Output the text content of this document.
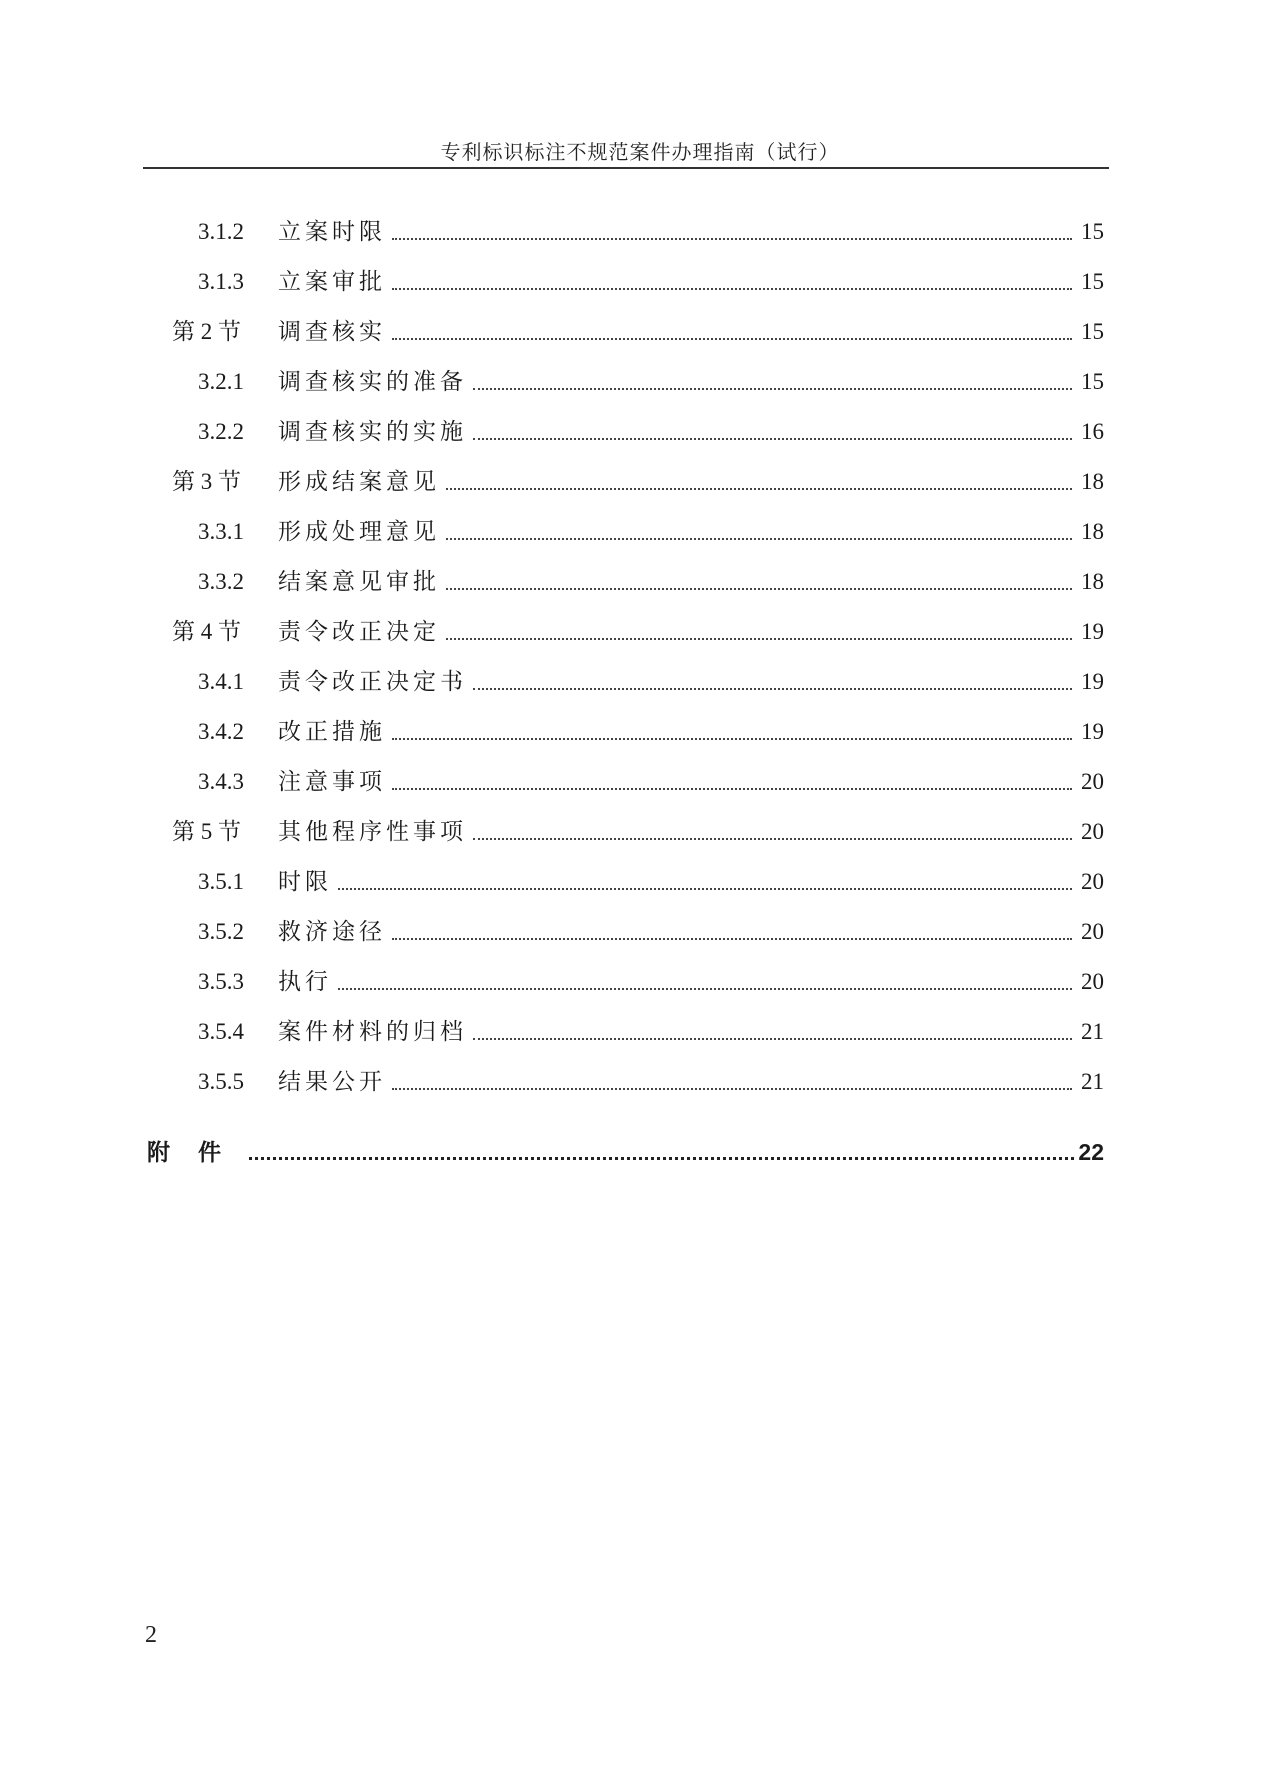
专利标识标注不规范案件办理指南（试行）
3.1.2	立案时限	15
3.1.3	立案审批	15
第 2 节	调查核实	15
3.2.1	调查核实的准备	15
3.2.2	调查核实的实施	16
第 3 节	形成结案意见	18
3.3.1	形成处理意见	18
3.3.2	结案意见审批	18
第 4 节	责令改正决定	19
3.4.1	责令改正决定书	19
3.4.2	改正措施	19
3.4.3	注意事项	20
第 5 节	其他程序性事项	20
3.5.1	时限	20
3.5.2	救济途径	20
3.5.3	执行	20
3.5.4	案件材料的归档	21
3.5.5	结果公开	21
附件	22
2
